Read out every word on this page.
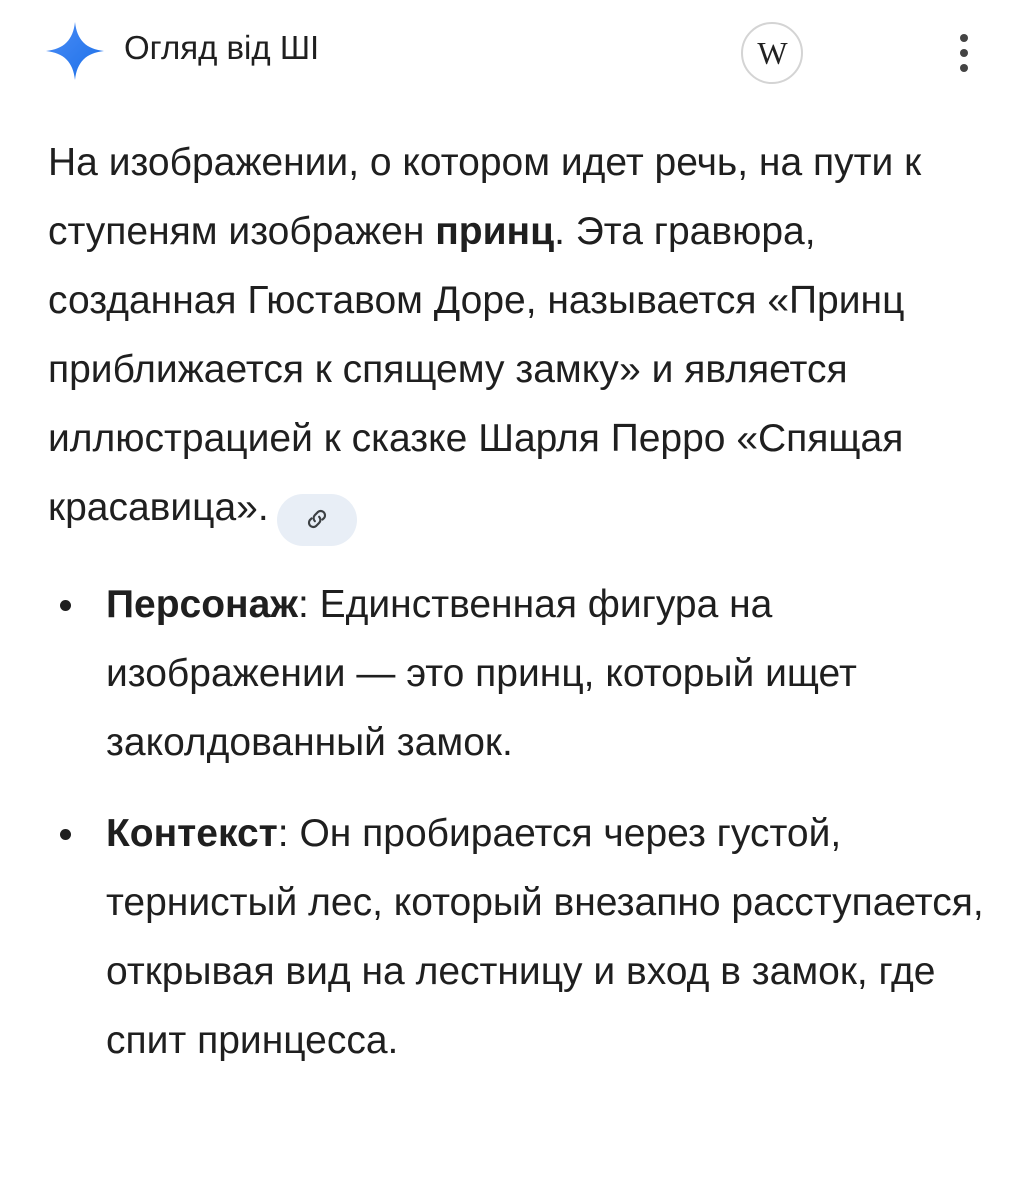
Огляд від ШІ	W

На изображении, о котором идет речь, на пути к ступеням изображен принц. Эта гравюра, созданная Гюставом Доре, называется «Принц приближается к спящему замку» и является иллюстрацией к сказке Шарля Перро «Спящая красавица».

Персонаж: Единственная фигура на изображении — это принц, который ищет заколдованный замок.
Контекст: Он пробирается через густой, тернистый лес, который внезапно расступается, открывая вид на лестницу и вход в замок, где спит принцесса.
